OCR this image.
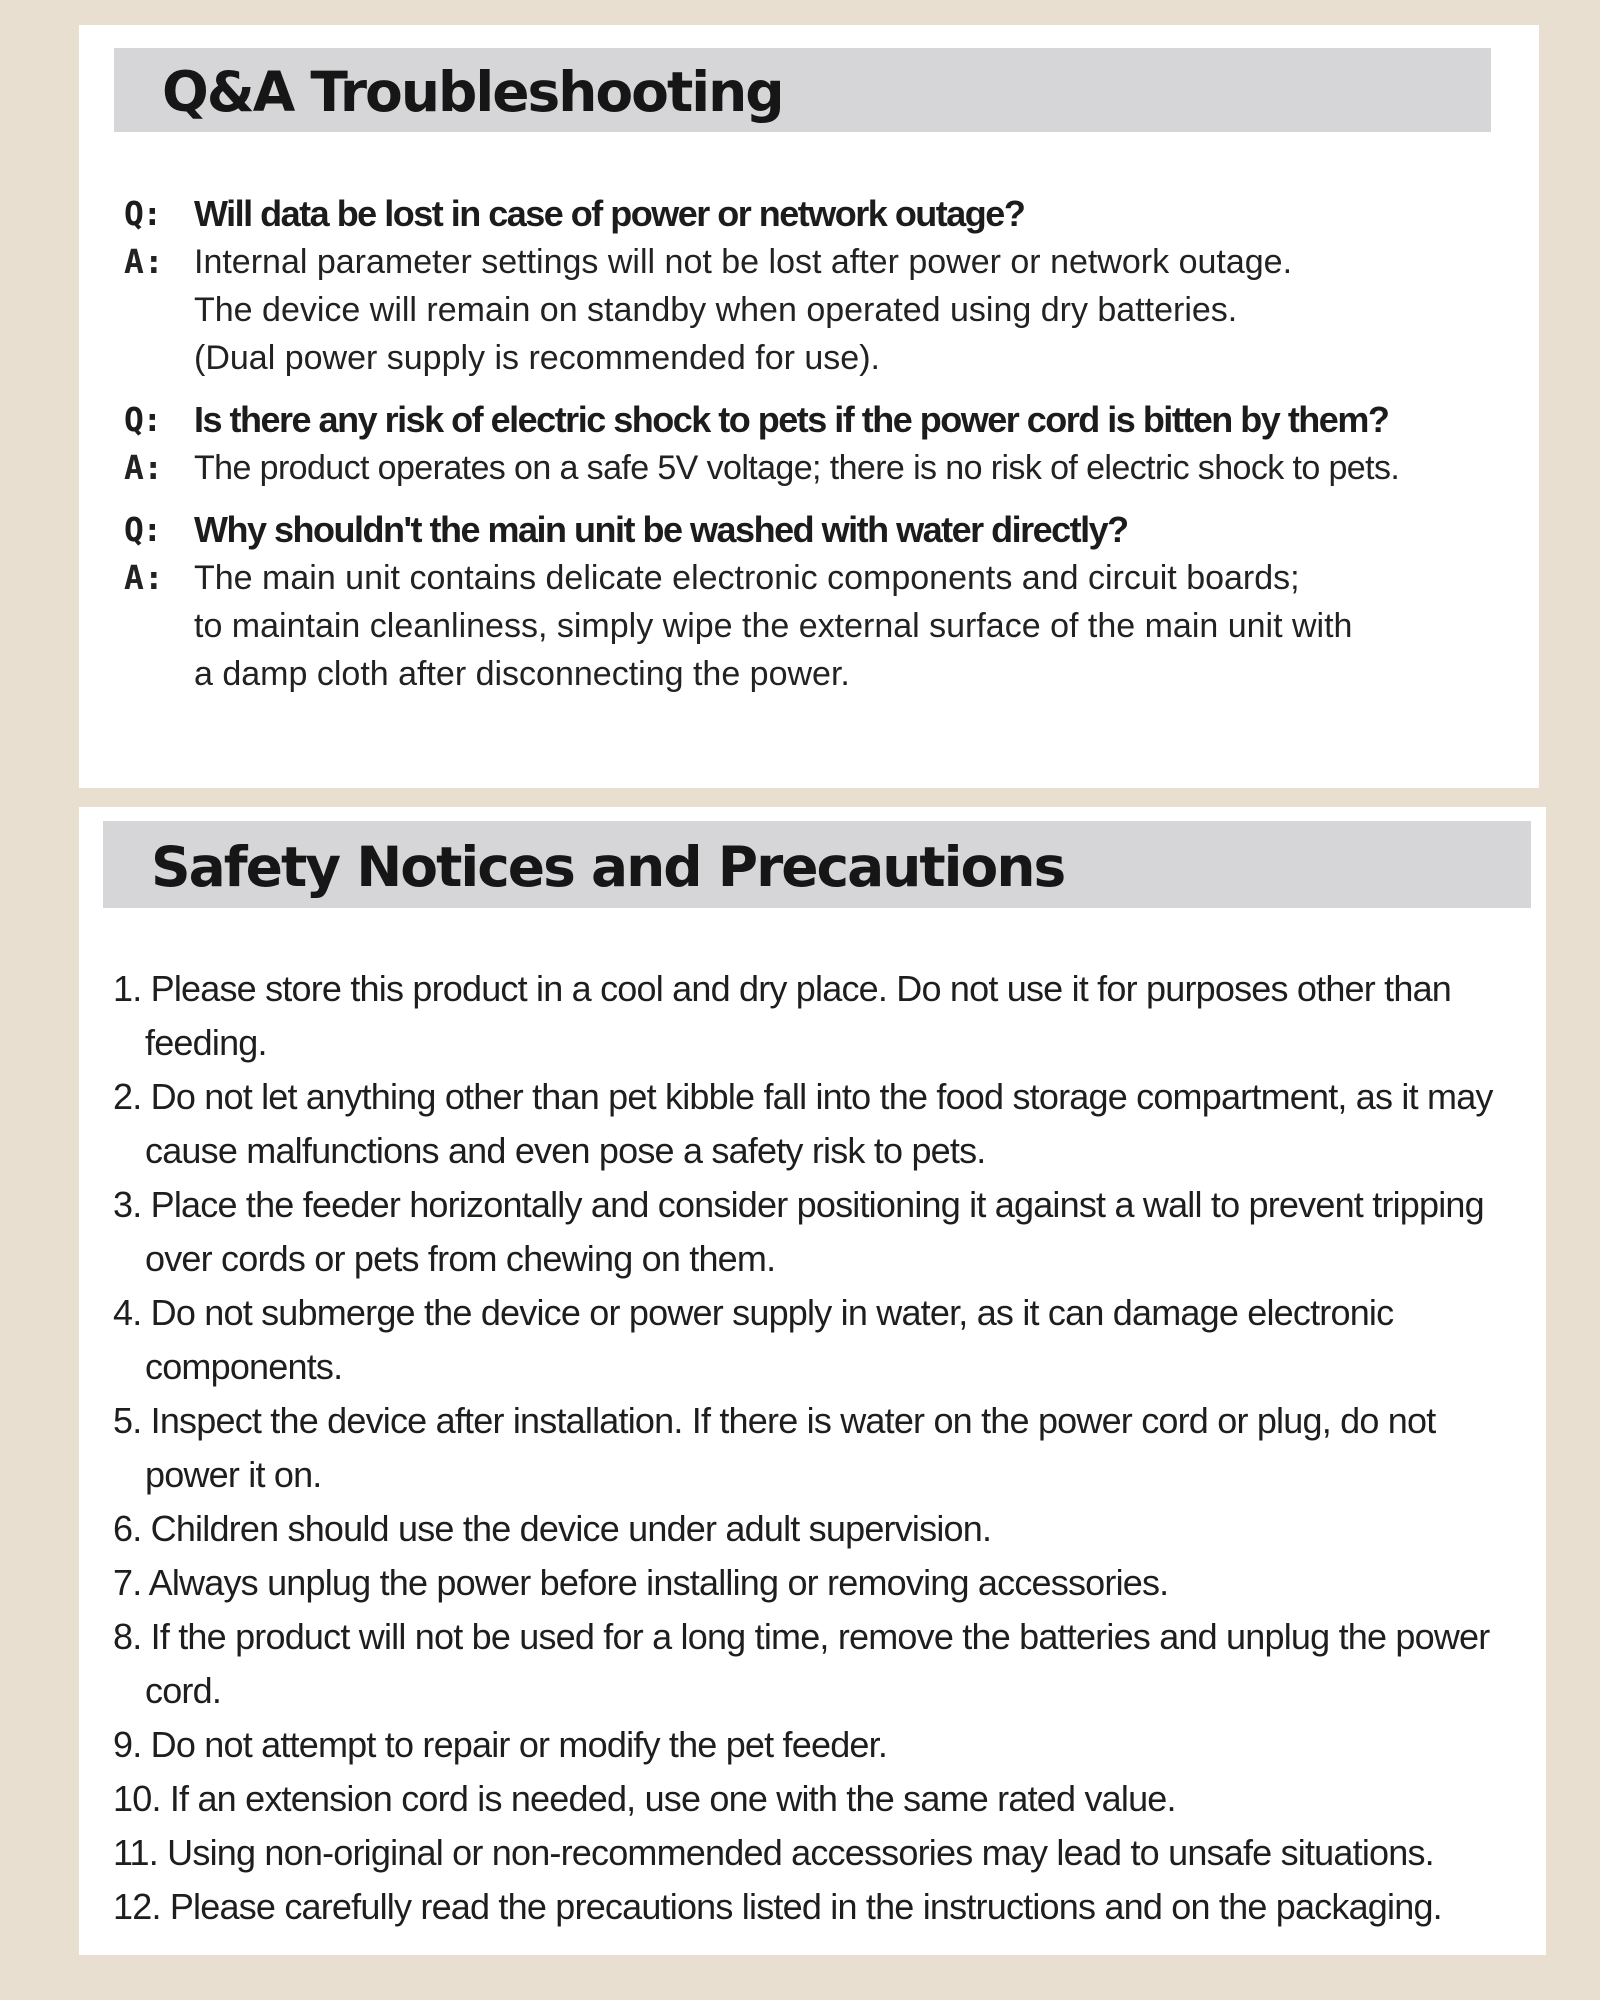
Q&A Troubleshooting
Q: Will data be lost in case of power or network outage?
A: Internal parameter settings will not be lost after power or network outage.
The device will remain on standby when operated using dry batteries.
(Dual power supply is recommended for use).
Q: Is there any risk of electric shock to pets if the power cord is bitten by them?
A: The product operates on a safe 5V voltage; there is no risk of electric shock to pets.
Q: Why shouldn't the main unit be washed with water directly?
A: The main unit contains delicate electronic components and circuit boards;
to maintain cleanliness, simply wipe the external surface of the main unit with
a damp cloth after disconnecting the power.
Safety Notices and Precautions
1. Please store this product in a cool and dry place. Do not use it for purposes other than feeding.
2. Do not let anything other than pet kibble fall into the food storage compartment, as it may cause malfunctions and even pose a safety risk to pets.
3. Place the feeder horizontally and consider positioning it against a wall to prevent tripping over cords or pets from chewing on them.
4. Do not submerge the device or power supply in water, as it can damage electronic components.
5. Inspect the device after installation. If there is water on the power cord or plug, do not power it on.
6. Children should use the device under adult supervision.
7. Always unplug the power before installing or removing accessories.
8. If the product will not be used for a long time, remove the batteries and unplug the power cord.
9. Do not attempt to repair or modify the pet feeder.
10. If an extension cord is needed, use one with the same rated value.
11. Using non-original or non-recommended accessories may lead to unsafe situations.
12. Please carefully read the precautions listed in the instructions and on the packaging.
